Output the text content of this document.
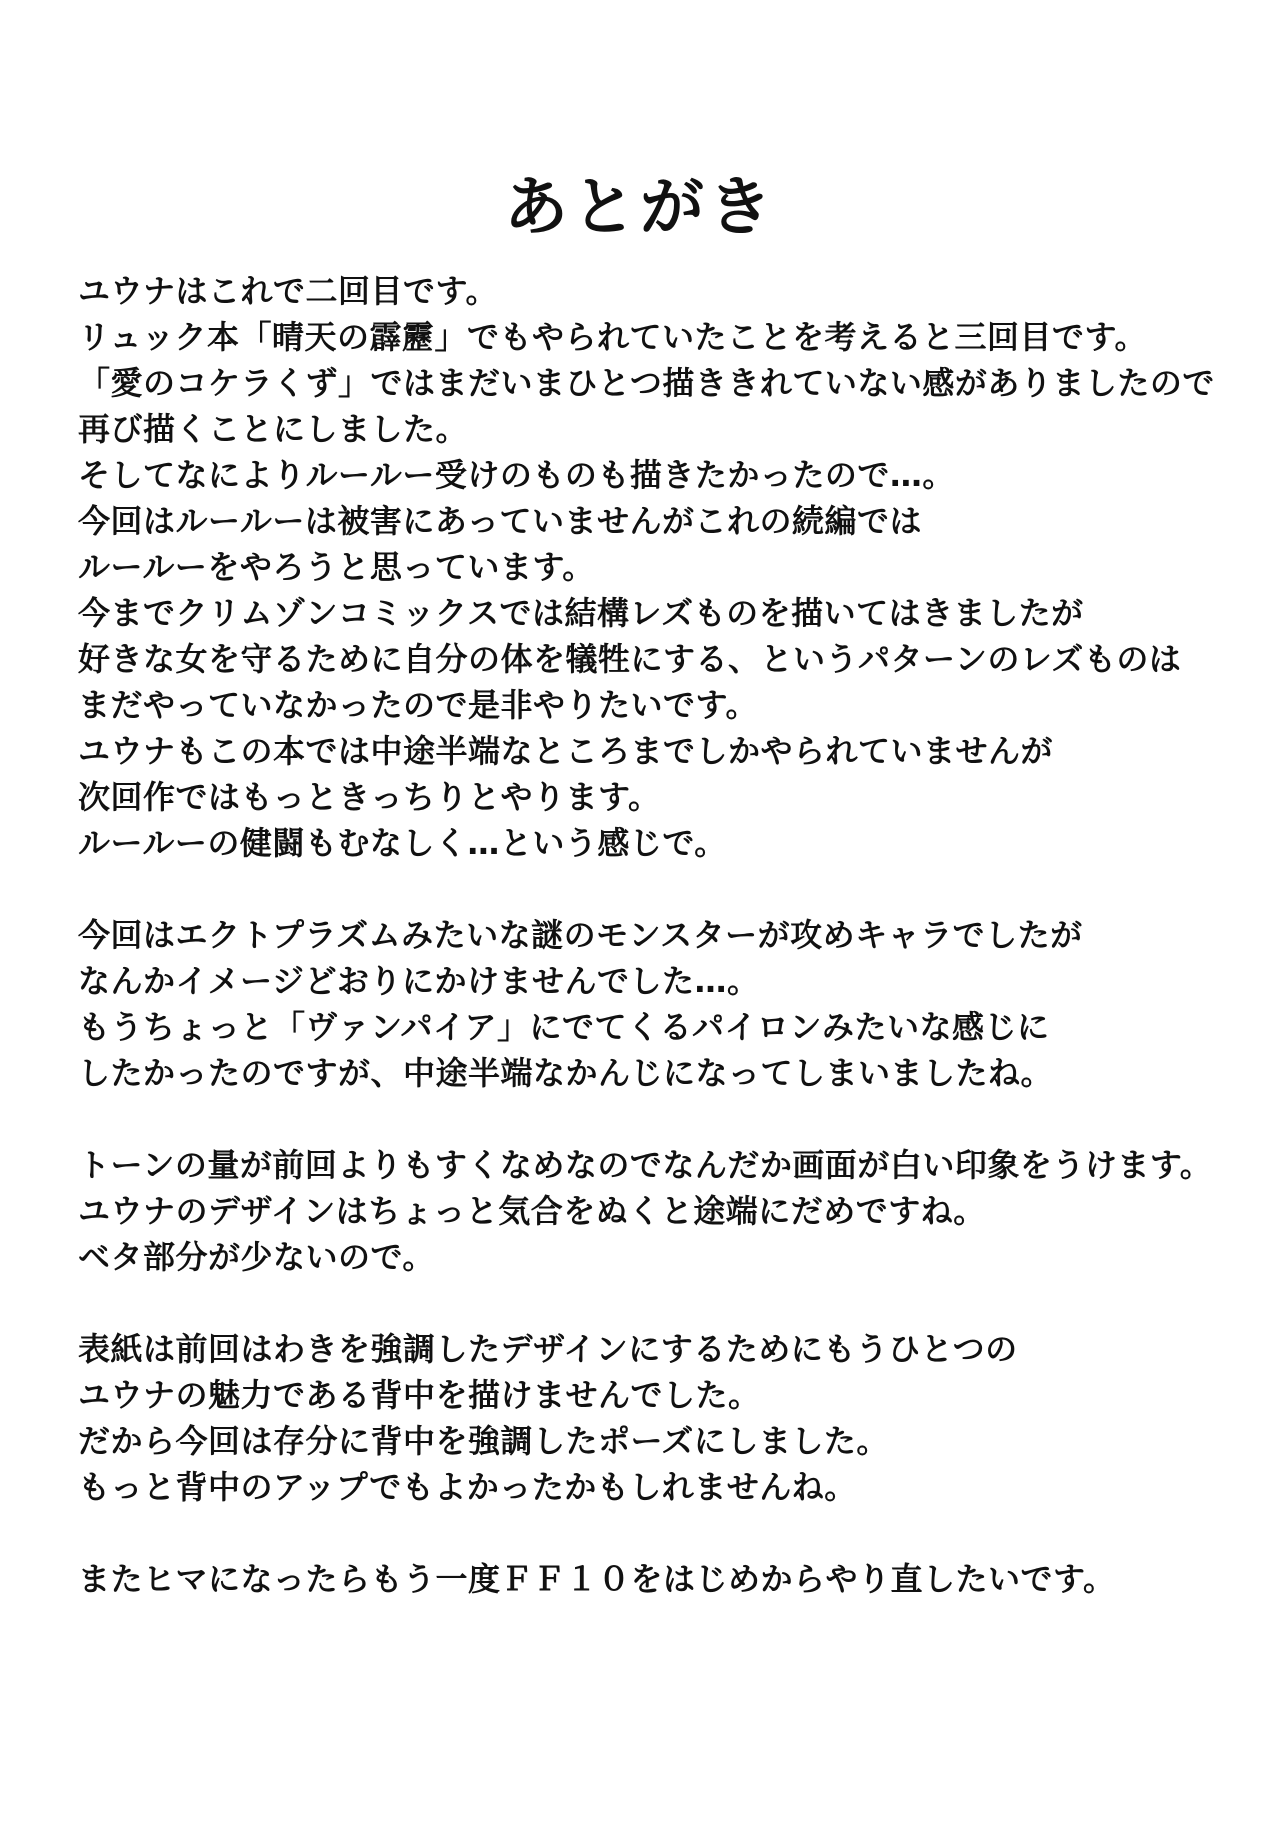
あとがき
ユウナはこれで二回目です。
リュック本「晴天の霹靂」でもやられていたことを考えると三回目です。
「愛のコケラくず」ではまだいまひとつ描ききれていない感がありましたので
再び描くことにしました。
そしてなによりルールー受けのものも描きたかったので…。
今回はルールーは被害にあっていませんがこれの続編では
ルールーをやろうと思っています。
今までクリムゾンコミックスでは結構レズものを描いてはきましたが
好きな女を守るために自分の体を犠牲にする、というパターンのレズものは
まだやっていなかったので是非やりたいです。
ユウナもこの本では中途半端なところまでしかやられていませんが
次回作ではもっときっちりとやります。
ルールーの健闘もむなしく…という感じで。
今回はエクトプラズムみたいな謎のモンスターが攻めキャラでしたが
なんかイメージどおりにかけませんでした…。
もうちょっと「ヴァンパイア」にでてくるパイロンみたいな感じに
したかったのですが、中途半端なかんじになってしまいましたね。
トーンの量が前回よりもすくなめなのでなんだか画面が白い印象をうけます。
ユウナのデザインはちょっと気合をぬくと途端にだめですね。
ベタ部分が少ないので。
表紙は前回はわきを強調したデザインにするためにもうひとつの
ユウナの魅力である背中を描けませんでした。
だから今回は存分に背中を強調したポーズにしました。
もっと背中のアップでもよかったかもしれませんね。
またヒマになったらもう一度ＦＦ１０をはじめからやり直したいです。
